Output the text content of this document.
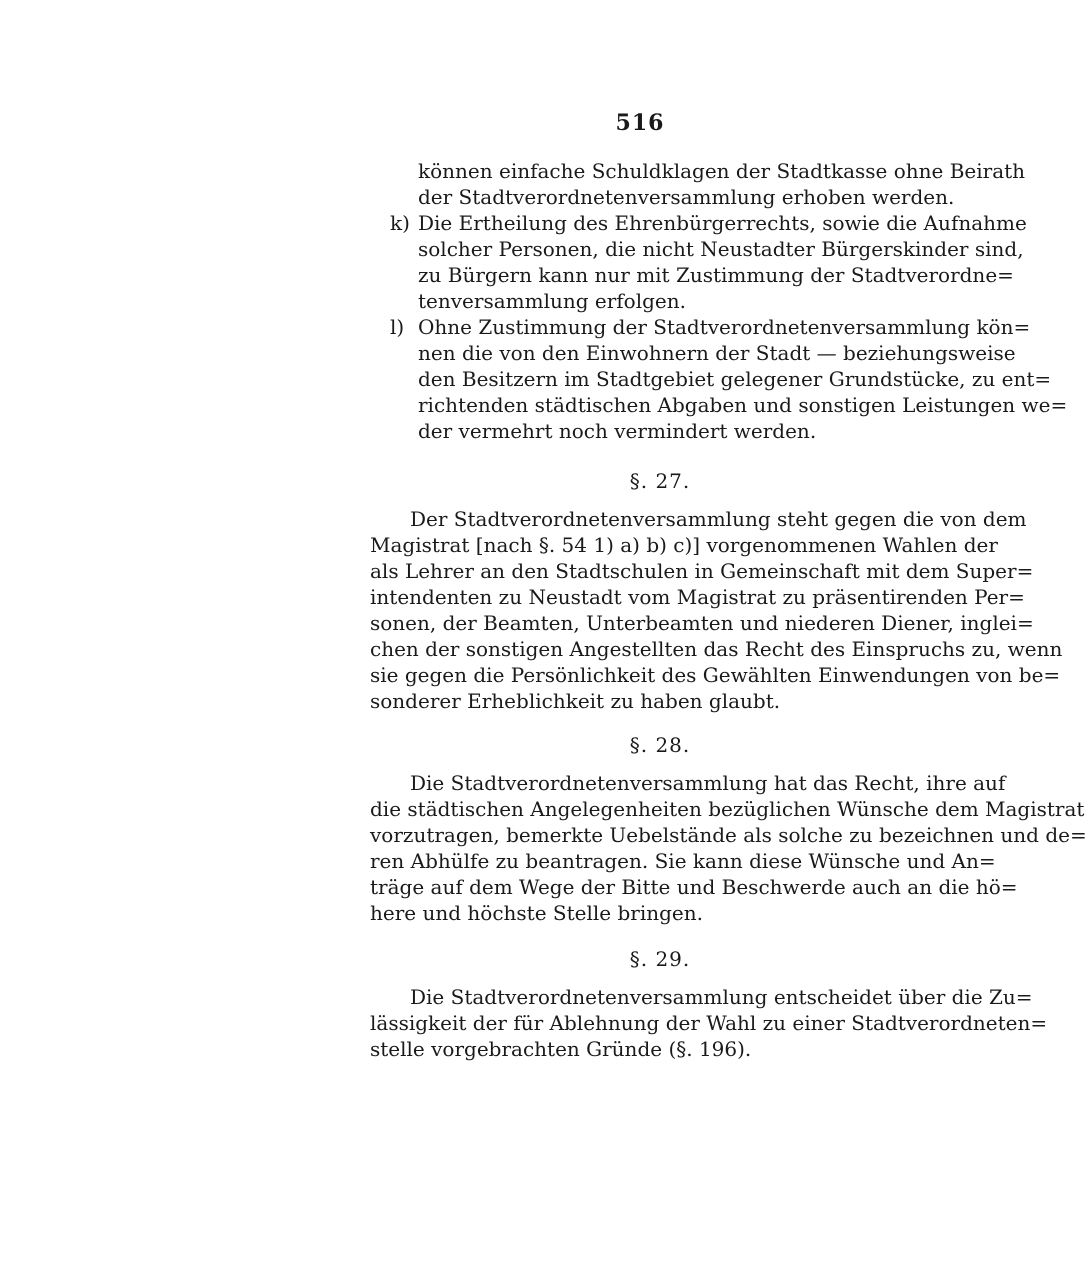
516
können einfache Schuldklagen der Stadtkasse ohne Beirath
der Stadtverordnetenversammlung erhoben werden.
k) Die Ertheilung des Ehrenbürgerrechts, sowie die Aufnahme
solcher Personen, die nicht Neustadter Bürgerskinder sind,
zu Bürgern kann nur mit Zustimmung der Stadtverordne=
tenversammlung erfolgen.
l) Ohne Zustimmung der Stadtverordnetenversammlung kön=
nen die von den Einwohnern der Stadt — beziehungsweise
den Besitzern im Stadtgebiet gelegener Grundstücke, zu ent=
richtenden städtischen Abgaben und sonstigen Leistungen we=
der vermehrt noch vermindert werden.
§. 27.
Der Stadtverordnetenversammlung steht gegen die von dem
Magistrat [nach §. 54 1) a) b) c)] vorgenommenen Wahlen der
als Lehrer an den Stadtschulen in Gemeinschaft mit dem Super=
intendenten zu Neustadt vom Magistrat zu präsentirenden Per=
sonen, der Beamten, Unterbeamten und niederen Diener, inglei=
chen der sonstigen Angestellten das Recht des Einspruchs zu, wenn
sie gegen die Persönlichkeit des Gewählten Einwendungen von be=
sonderer Erheblichkeit zu haben glaubt.
§. 28.
Die Stadtverordnetenversammlung hat das Recht, ihre auf
die städtischen Angelegenheiten bezüglichen Wünsche dem Magistrat
vorzutragen, bemerkte Uebelstände als solche zu bezeichnen und de=
ren Abhülfe zu beantragen. Sie kann diese Wünsche und An=
träge auf dem Wege der Bitte und Beschwerde auch an die hö=
here und höchste Stelle bringen.
§. 29.
Die Stadtverordnetenversammlung entscheidet über die Zu=
lässigkeit der für Ablehnung der Wahl zu einer Stadtverordneten=
stelle vorgebrachten Gründe (§. 196).
